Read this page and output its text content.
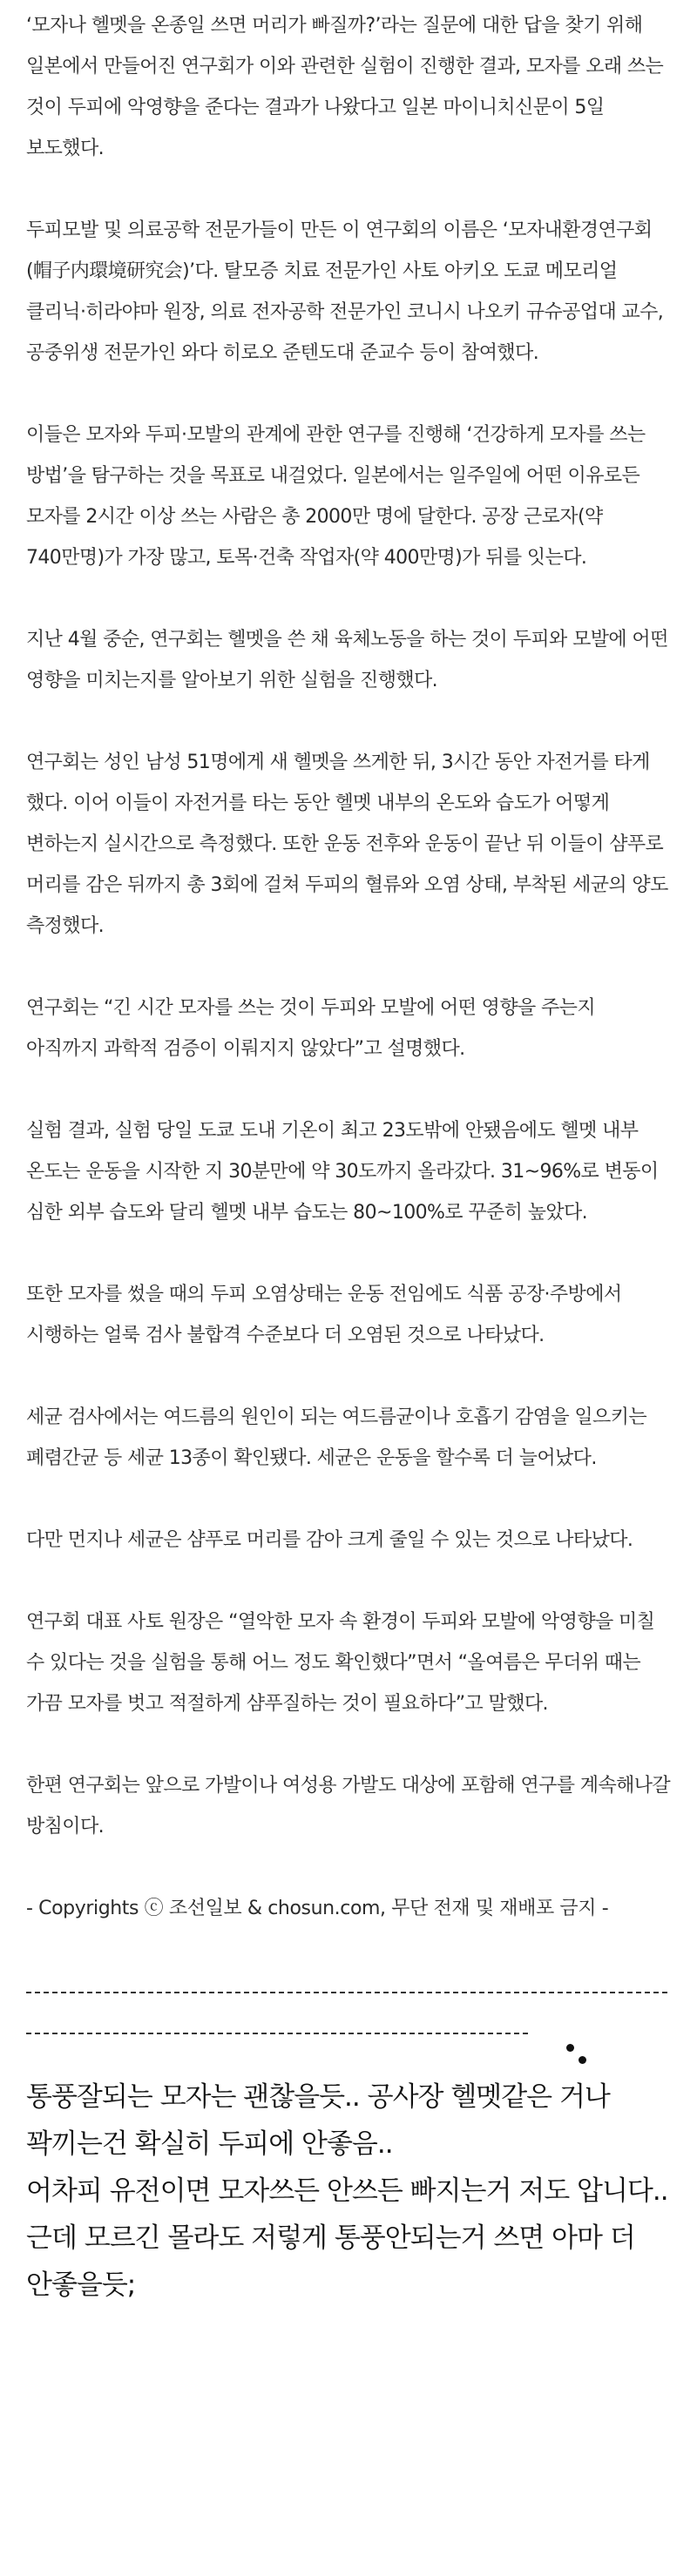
‘모자나 헬멧을 온종일 쓰면 머리가 빠질까?’라는 질문에 대한 답을 찾기 위해 일본에서 만들어진 연구회가 이와 관련한 실험이 진행한 결과, 모자를 오래 쓰는 것이 두피에 악영향을 준다는 결과가 나왔다고 일본 마이니치신문이 5일 보도했다.

두피모발 및 의료공학 전문가들이 만든 이 연구회의 이름은 ‘모자내환경연구회(帽子内環境研究会)’다. 탈모증 치료 전문가인 사토 아키오 도쿄 메모리얼 클리닉·히라야마 원장, 의료 전자공학 전문가인 코니시 나오키 규슈공업대 교수, 공중위생 전문가인 와다 히로오 준텐도대 준교수 등이 참여했다.

이들은 모자와 두피·모발의 관계에 관한 연구를 진행해 ‘건강하게 모자를 쓰는 방법’을 탐구하는 것을 목표로 내걸었다. 일본에서는 일주일에 어떤 이유로든 모자를 2시간 이상 쓰는 사람은 총 2000만 명에 달한다. 공장 근로자(약 740만명)가 가장 많고, 토목·건축 작업자(약 400만명)가 뒤를 잇는다.

지난 4월 중순, 연구회는 헬멧을 쓴 채 육체노동을 하는 것이 두피와 모발에 어떤 영향을 미치는지를 알아보기 위한 실험을 진행했다.

연구회는 성인 남성 51명에게 새 헬멧을 쓰게한 뒤, 3시간 동안 자전거를 타게 했다. 이어 이들이 자전거를 타는 동안 헬멧 내부의 온도와 습도가 어떻게 변하는지 실시간으로 측정했다. 또한 운동 전후와 운동이 끝난 뒤 이들이 샴푸로 머리를 감은 뒤까지 총 3회에 걸쳐 두피의 혈류와 오염 상태, 부착된 세균의 양도 측정했다.

연구회는 “긴 시간 모자를 쓰는 것이 두피와 모발에 어떤 영향을 주는지 아직까지 과학적 검증이 이뤄지지 않았다”고 설명했다.

실험 결과, 실험 당일 도쿄 도내 기온이 최고 23도밖에 안됐음에도 헬멧 내부 온도는 운동을 시작한 지 30분만에 약 30도까지 올라갔다. 31~96%로 변동이 심한 외부 습도와 달리 헬멧 내부 습도는 80~100%로 꾸준히 높았다.

또한 모자를 썼을 때의 두피 오염상태는 운동 전임에도 식품 공장·주방에서 시행하는 얼룩 검사 불합격 수준보다 더 오염된 것으로 나타났다.

세균 검사에서는 여드름의 원인이 되는 여드름균이나 호흡기 감염을 일으키는 폐렴간균 등 세균 13종이 확인됐다. 세균은 운동을 할수록 더 늘어났다.

다만 먼지나 세균은 샴푸로 머리를 감아 크게 줄일 수 있는 것으로 나타났다.

연구회 대표 사토 원장은 “열악한 모자 속 환경이 두피와 모발에 악영향을 미칠 수 있다는 것을 실험을 통해 어느 정도 확인했다”면서 “올여름은 무더위 때는 가끔 모자를 벗고 적절하게 샴푸질하는 것이 필요하다”고 말했다.

한편 연구회는 앞으로 가발이나 여성용 가발도 대상에 포함해 연구를 계속해나갈 방침이다.

- Copyrights ⓒ 조선일보 & chosun.com, 무단 전재 및 재배포 금지 -

통풍잘되는 모자는 괜찮을듯.. 공사장 헬멧같은 거나 꽉끼는건 확실히 두피에 안좋음..
어차피 유전이면 모자쓰든 안쓰든 빠지는거 저도 압니다..
근데 모르긴 몰라도 저렇게 통풍안되는거 쓰면 아마 더 안좋을듯;
